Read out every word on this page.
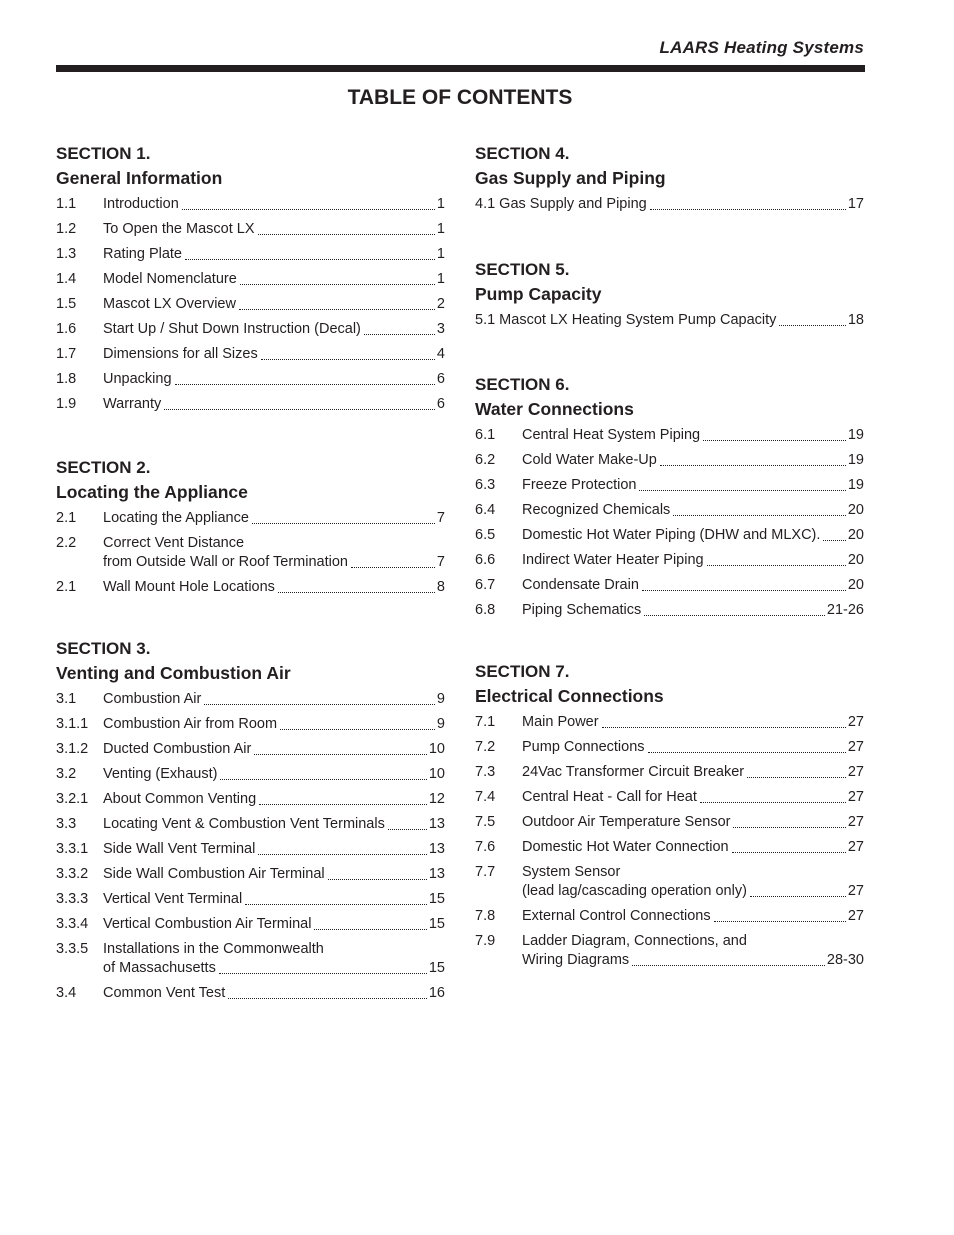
LAARS Heating Systems
TABLE OF CONTENTS
SECTION 1.
General Information
1.1	Introduction	1
1.2	To Open the Mascot LX	1
1.3	Rating Plate	1
1.4	Model Nomenclature	1
1.5	Mascot LX Overview	2
1.6	Start Up / Shut Down Instruction (Decal)	3
1.7	Dimensions for all Sizes	4
1.8	Unpacking	6
1.9	Warranty	6
SECTION 2.
Locating the Appliance
2.1	Locating the Appliance	7
2.2	Correct Vent Distance
from Outside Wall or Roof Termination	7
2.1	Wall Mount Hole Locations	8
SECTION 3.
Venting and Combustion Air
3.1	Combustion Air	9
3.1.1	Combustion Air from Room	9
3.1.2	Ducted Combustion Air	10
3.2	Venting (Exhaust)	10
3.2.1	About Common Venting	12
3.3	Locating Vent & Combustion Vent Terminals	13
3.3.1	Side Wall Vent Terminal	13
3.3.2	Side Wall Combustion Air Terminal	13
3.3.3	Vertical Vent Terminal	15
3.3.4	Vertical Combustion Air Terminal	15
3.3.5	Installations in the Commonwealth
of Massachusetts	15
3.4	Common Vent Test	16
SECTION 4.
Gas Supply and Piping
4.1 Gas Supply and Piping	17
SECTION 5.
Pump Capacity
5.1 Mascot LX Heating System Pump Capacity	18
SECTION 6.
Water Connections
6.1	Central Heat System Piping	19
6.2	Cold Water Make-Up	19
6.3	Freeze Protection	19
6.4	Recognized Chemicals	20
6.5	Domestic Hot Water Piping (DHW and MLXC). 20
6.6	Indirect Water Heater Piping	20
6.7	Condensate Drain	20
6.8	Piping Schematics	21-26
SECTION 7.
Electrical Connections
7.1	Main Power	27
7.2	Pump Connections	27
7.3	24Vac Transformer Circuit Breaker	27
7.4	Central Heat - Call for Heat	27
7.5	Outdoor Air Temperature Sensor	27
7.6	Domestic Hot Water Connection	27
7.7	System Sensor
(lead lag/cascading operation only)	27
7.8	External Control Connections	27
7.9	Ladder Diagram, Connections, and
Wiring Diagrams	28-30
